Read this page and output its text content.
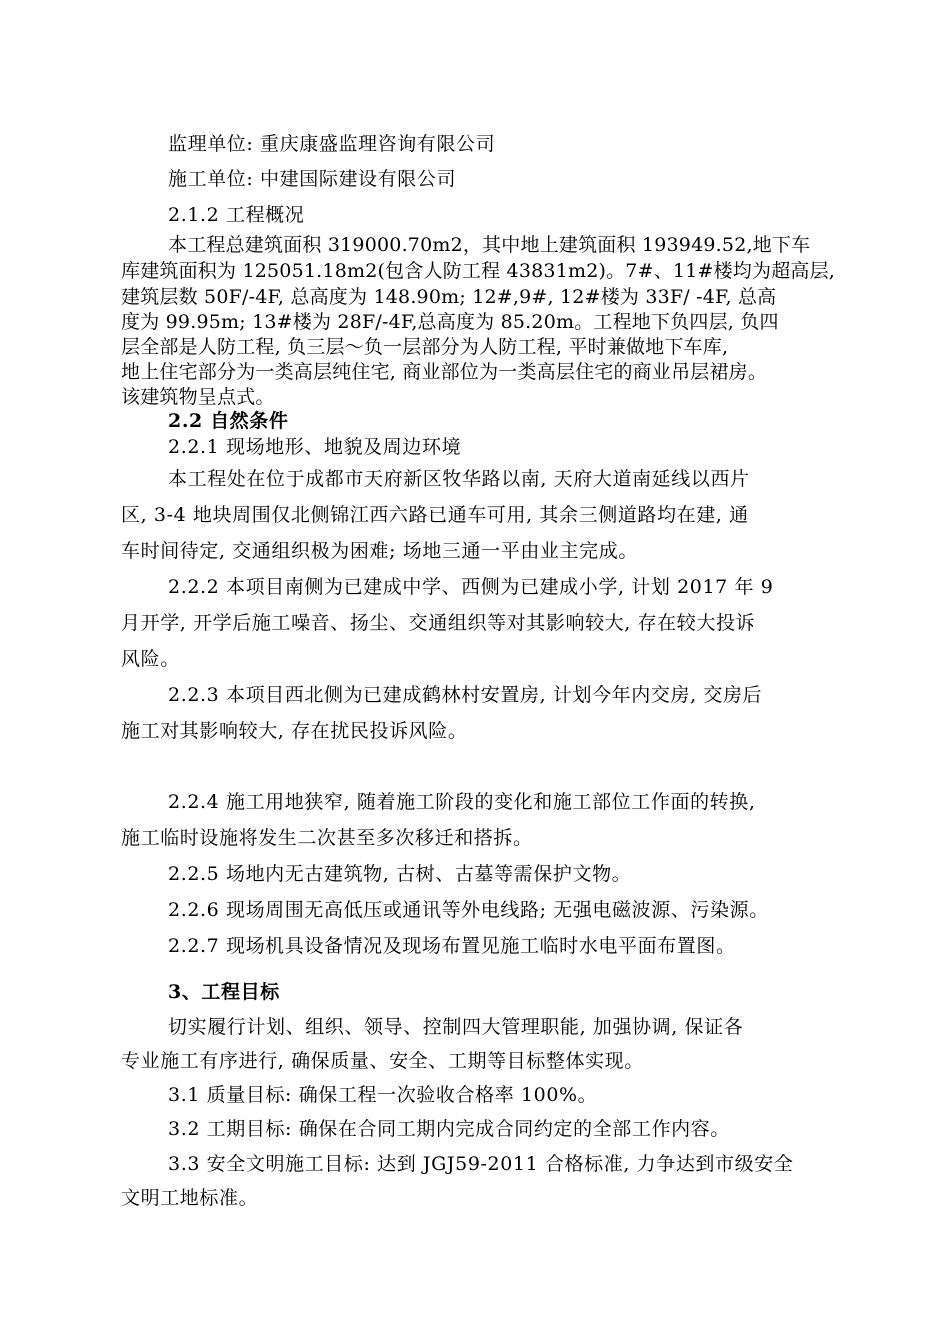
监理单位: 重庆康盛监理咨询有限公司
施工单位: 中建国际建设有限公司
2.1.2 工程概况
本工程总建筑面积 319000.70m2，其中地上建筑面积 193949.52,地下车
库建筑面积为 125051.18m2(包含人防工程 43831m2)。7#、11#楼均为超高层,
建筑层数 50F/-4F, 总高度为 148.90m; 12#,9#, 12#楼为 33F/ -4F, 总高
度为 99.95m; 13#楼为 28F/-4F,总高度为 85.20m。工程地下负四层, 负四
层全部是人防工程, 负三层～负一层部分为人防工程, 平时兼做地下车库,
地上住宅部分为一类高层纯住宅, 商业部位为一类高层住宅的商业吊层裙房。
该建筑物呈点式。
2.2 自然条件
2.2.1 现场地形、地貌及周边环境
本工程处在位于成都市天府新区牧华路以南, 天府大道南延线以西片
区, 3-4 地块周围仅北侧锦江西六路已通车可用, 其余三侧道路均在建, 通
车时间待定, 交通组织极为困难; 场地三通一平由业主完成。
2.2.2 本项目南侧为已建成中学、西侧为已建成小学, 计划 2017 年 9
月开学, 开学后施工噪音、扬尘、交通组织等对其影响较大, 存在较大投诉
风险。
2.2.3 本项目西北侧为已建成鹤林村安置房, 计划今年内交房, 交房后
施工对其影响较大, 存在扰民投诉风险。
2.2.4 施工用地狭窄, 随着施工阶段的变化和施工部位工作面的转换,
施工临时设施将发生二次甚至多次移迁和搭拆。
2.2.5 场地内无古建筑物, 古树、古墓等需保护文物。
2.2.6 现场周围无高低压或通讯等外电线路; 无强电磁波源、污染源。
2.2.7 现场机具设备情况及现场布置见施工临时水电平面布置图。
3、工程目标
切实履行计划、组织、领导、控制四大管理职能, 加强协调, 保证各
专业施工有序进行, 确保质量、安全、工期等目标整体实现。
3.1 质量目标: 确保工程一次验收合格率 100%。
3.2 工期目标: 确保在合同工期内完成合同约定的全部工作内容。
3.3 安全文明施工目标: 达到 JGJ59-2011 合格标准, 力争达到市级安全
文明工地标准。
